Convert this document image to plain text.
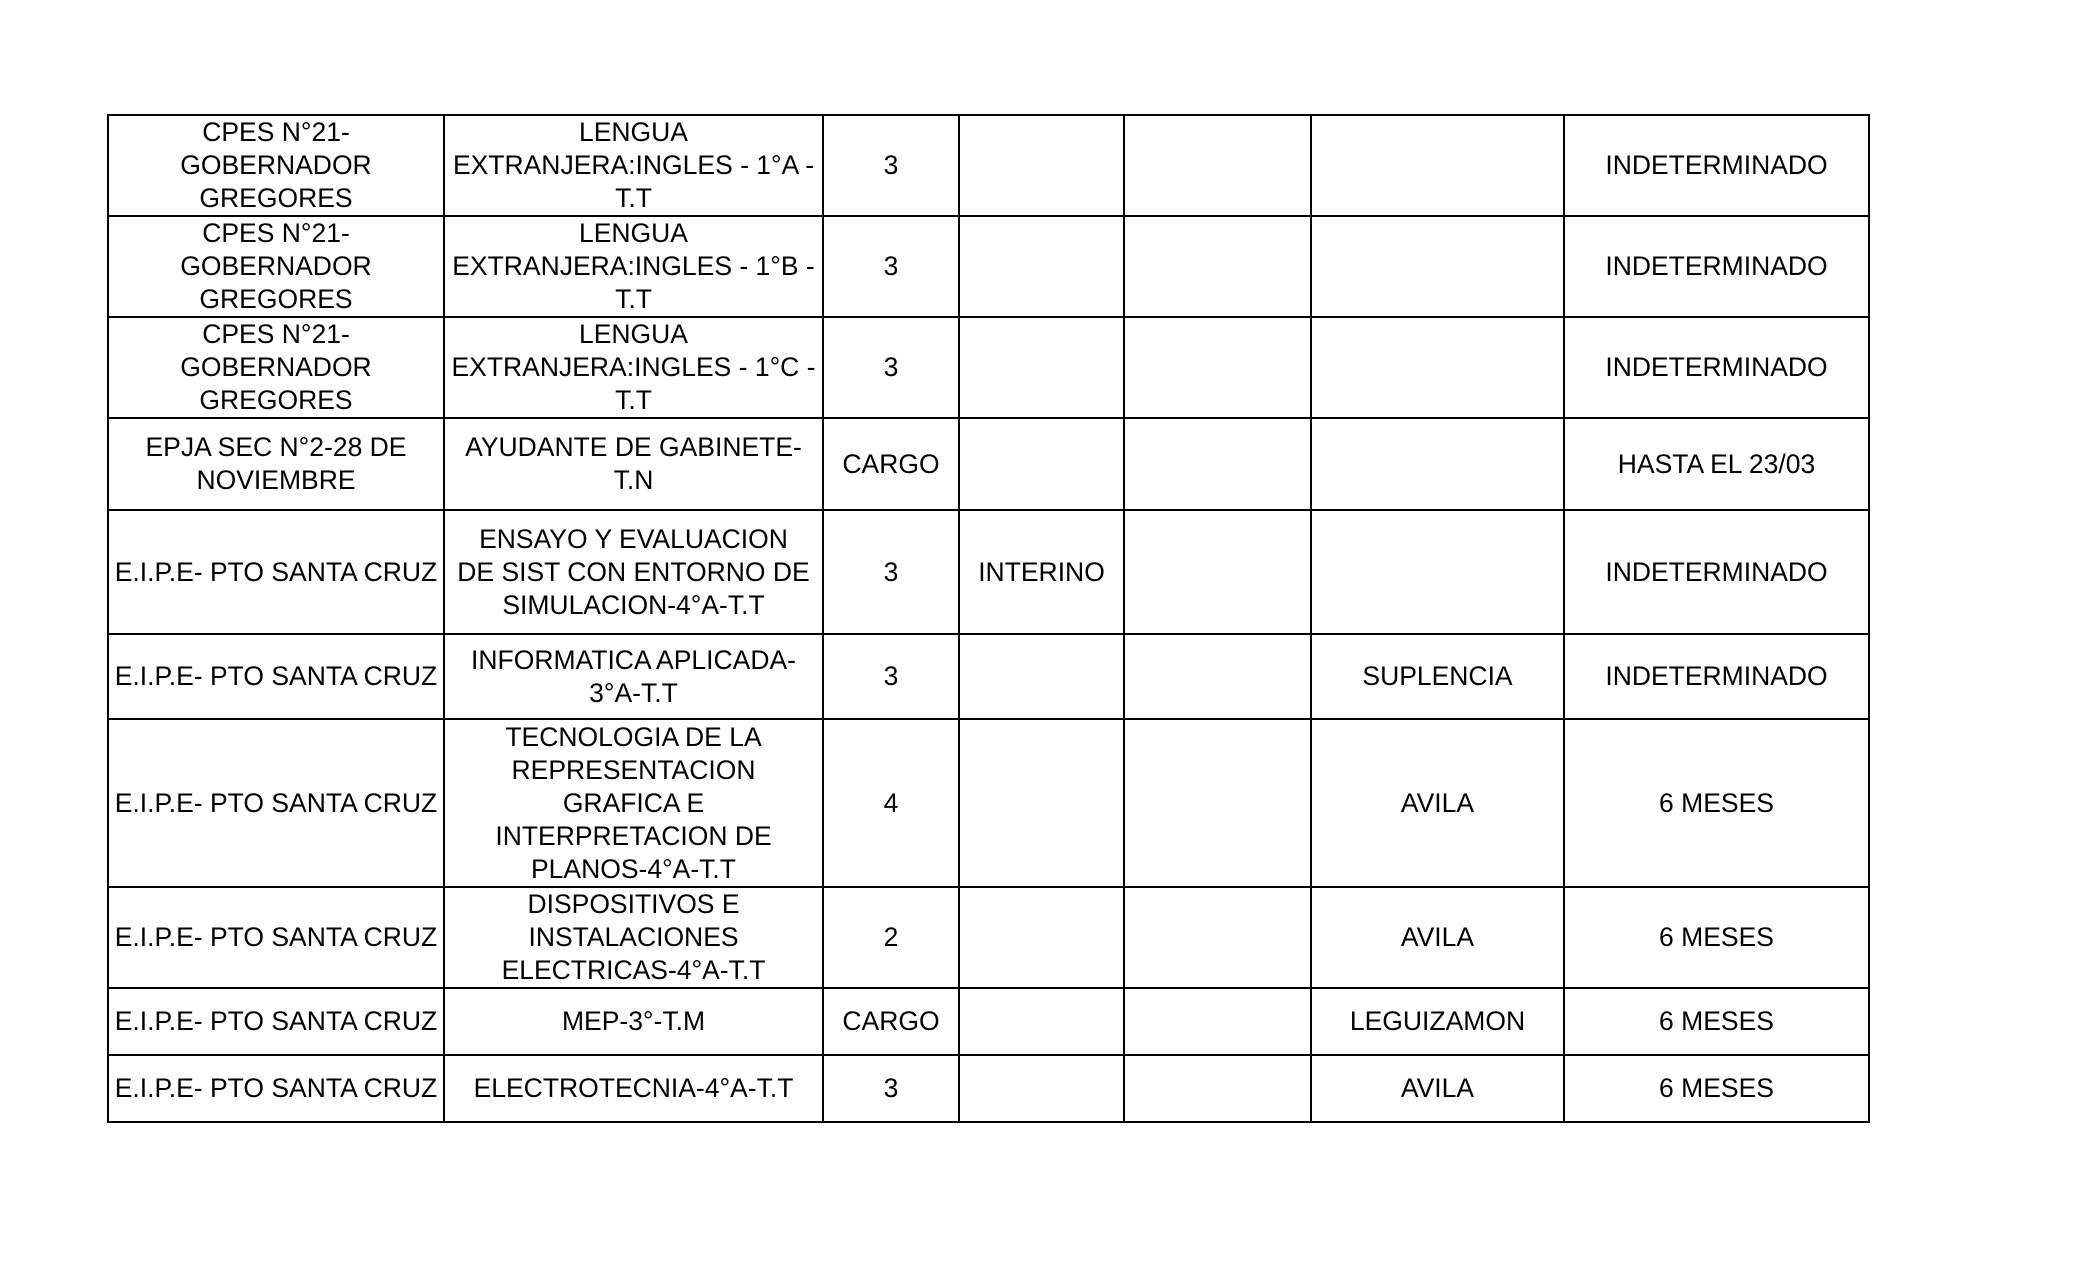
CPES N°21-GOBERNADOR GREGORES	LENGUA
EXTRANJERA:INGLES - 1°A -
T.T	3				INDETERMINADO
CPES N°21-GOBERNADOR GREGORES	LENGUA
EXTRANJERA:INGLES - 1°B -
T.T	3				INDETERMINADO
CPES N°21-GOBERNADOR GREGORES	LENGUA
EXTRANJERA:INGLES - 1°C -
T.T	3				INDETERMINADO
EPJA SEC N°2-28 DE NOVIEMBRE	AYUDANTE DE GABINETE-
T.N	CARGO				HASTA EL 23/03
E.I.P.E- PTO SANTA CRUZ	ENSAYO Y EVALUACION
DE SIST CON ENTORNO DE
SIMULACION-4°A-T.T	3	INTERINO			INDETERMINADO
E.I.P.E- PTO SANTA CRUZ	INFORMATICA APLICADA-
3°A-T.T	3			SUPLENCIA	INDETERMINADO
E.I.P.E- PTO SANTA CRUZ	TECNOLOGIA DE LA
REPRESENTACION
GRAFICA E
INTERPRETACION DE
PLANOS-4°A-T.T	4			AVILA	6 MESES
E.I.P.E- PTO SANTA CRUZ	DISPOSITIVOS E
INSTALACIONES
ELECTRICAS-4°A-T.T	2			AVILA	6 MESES
E.I.P.E- PTO SANTA CRUZ	MEP-3°-T.M	CARGO			LEGUIZAMON	6 MESES
E.I.P.E- PTO SANTA CRUZ	ELECTROTECNIA-4°A-T.T	3			AVILA	6 MESES
